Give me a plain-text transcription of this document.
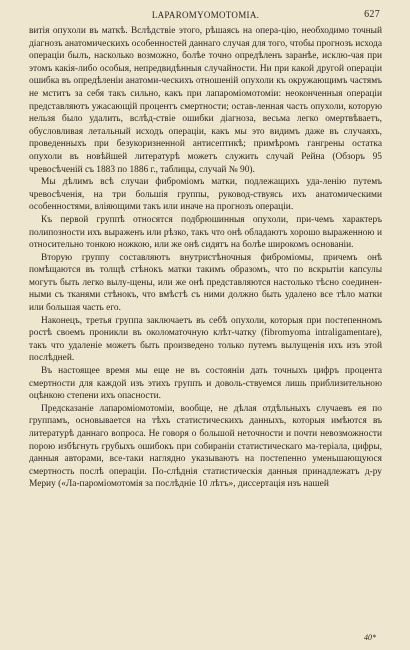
LAPAROMYOMOTOMIA.	627

витія опухоли въ маткѣ. Вслѣдствіе этого, рѣшаясь на опера-цію, необходимо точный діагнозъ анатомическихъ особенностей даннаго случая для того, чтобы прогнозъ исхода операціи былъ, насколько возможно, болѣе точно опредѣленъ заранѣе, исклю-чая при этомъ какія-либо особыя, непредвидѣнныя случайности. Ни при какой другой операціи ошибка въ опредѣленіи анатоми-ческихъ отношеній опухоли къ окружающимъ частямъ не мститъ за себя такъ сильно, какъ при лапаромiомотоміи: неоконченныя операціи представляютъ ужасающій процентъ смертности; остав-ленная часть опухоли, которую нельзя было удалить, вслѣд-ствіе ошибки діагноза, весьма легко омертвѣваетъ, обусловливая летальный исходъ операціи, какъ мы это видимъ даже въ случаяхъ, проведенныхъ при безукоризненной антисептикѣ; примѣромъ гангрены остатка опухоли въ новѣйшей литературѣ можетъ служить случай Рейна (Обзоръ 95 чревосѣченій съ 1883 по 1886 г., таблицы, случай № 90).

Мы дѣлимъ всѣ случаи фибромiомъ матки, подлежащихъ уда-ленію путемъ чревосѣченія, на три большія группы, руковод-ствуясь ихъ анатомическими особенностями, вліяющими такъ или иначе на прогнозъ операціи.

Къ первой группѣ относятся подбрюшинныя опухоли, при-чемъ характеръ полипозности ихъ выраженъ или рѣзко, такъ что онѣ обладаютъ хорошо выраженною и относительно тонкою ножкою, или же онѣ сидятъ на болѣе широкомъ основаніи.

Вторую группу составляютъ внутристѣночныя фибромiомы, причемъ онѣ помѣщаются въ толщѣ стѣнокъ матки такимъ образомъ, что по вскрытіи капсулы могутъ быть легко вылу-щены, или же онѣ представляются настолько тѣсно соединен-ными съ тканями стѣнокъ, что вмѣстѣ съ ними должно быть удалено все тѣло матки или большая часть его.

Наконецъ, третья группа заключаетъ въ себѣ опухоли, которыя при постепенномъ ростѣ своемъ проникли въ околоматочную клѣт-чатку (fibromyoma intraligamentare), такъ что удаленіе можетъ быть произведено только путемъ вылущенія ихъ изъ этой послѣдней.

Въ настоящее время мы еще не въ состояніи дать точныхъ цифръ процента смертности для каждой изъ этихъ группъ и доволь-ствуемся лишь приблизительною оцѣнкою степени ихъ опасности.

Предсказаніе лапаромiомотоміи, вообще, не дѣлая отдѣльныхъ случаевъ ея по группамъ, основывается на тѣхъ статистическихъ данныхъ, которыя имѣются въ литературѣ даннаго вопроса. Не говоря о большой неточности и почти невозможности порою избѣгнуть грубыхъ ошибокъ при собираніи статистическаго ма-теріала, цифры, данныя авторами, все-таки наглядно указываютъ на постепенно уменьшающуюся смертность послѣ операціи. По-слѣднія статистическія данныя принадлежатъ д-ру Мериу («Ла-паромiомотомія за послѣдніе 10 лѣтъ», диссертація изъ нашей

40*
